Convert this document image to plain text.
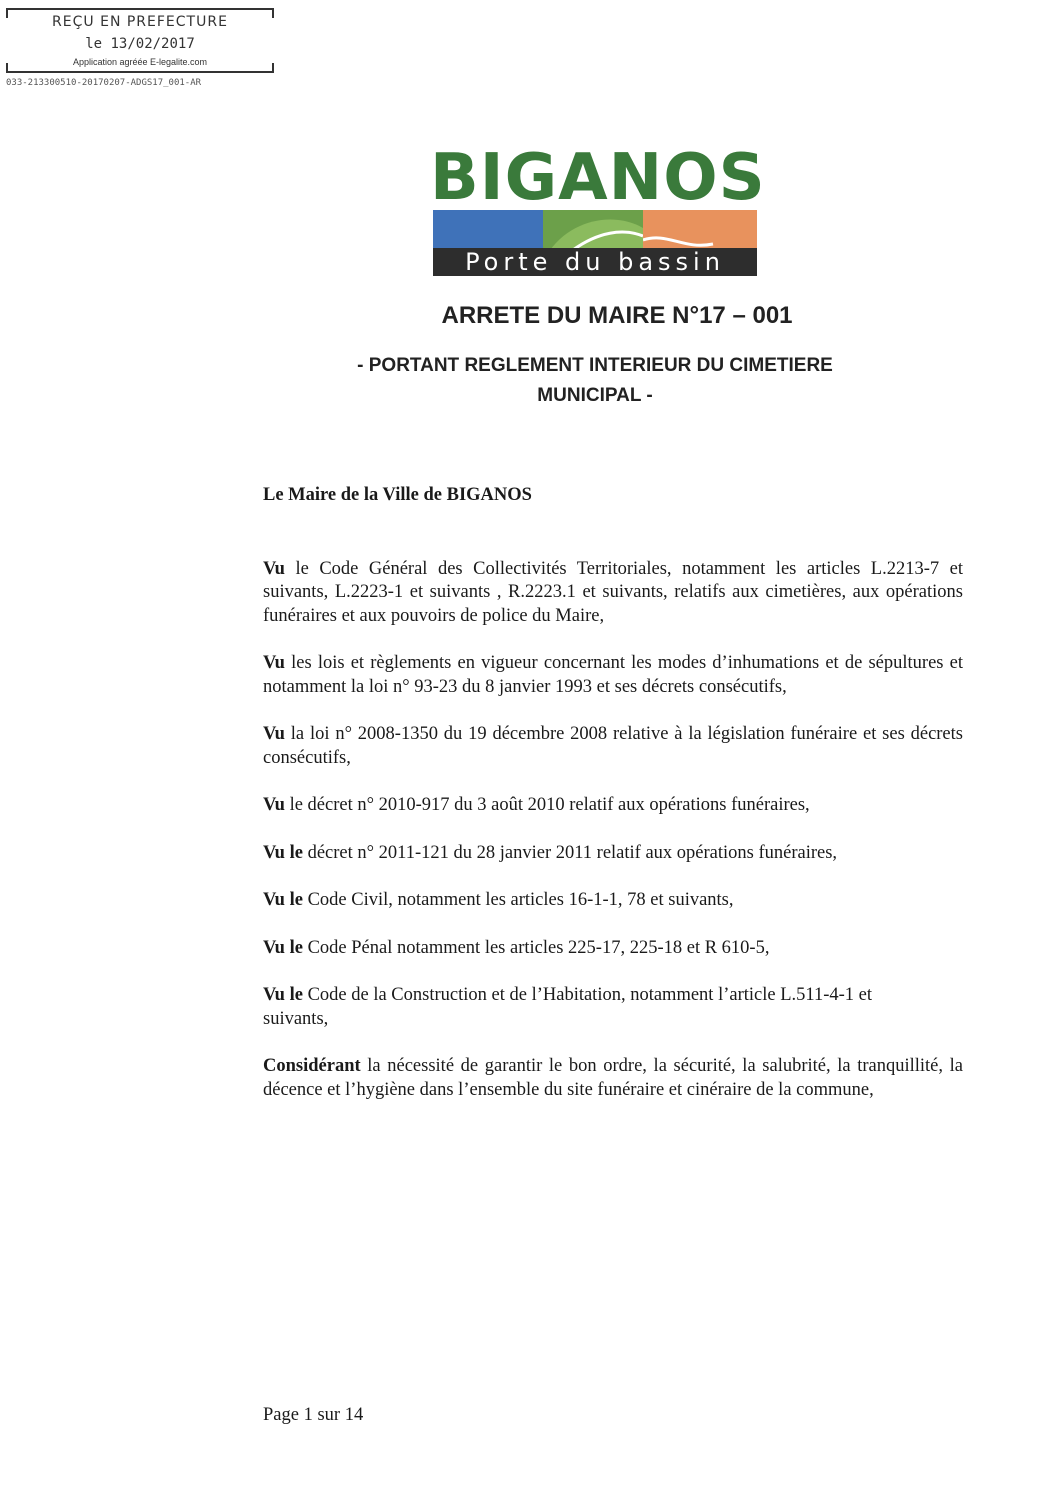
REÇU EN PREFECTURE
le 13/02/2017
Application agréée E-legalite.com
033-213300510-20170207-ADGS17_001-AR
BIGANOS
Porte du bassin
ARRETE DU MAIRE N°17 – 001
- PORTANT REGLEMENT INTERIEUR DU CIMETIERE
MUNICIPAL -

Le Maire de la Ville de BIGANOS

Vu le Code Général des Collectivités Territoriales, notamment les articles L.2213-7 et suivants, L.2223-1 et suivants , R.2223.1 et suivants, relatifs aux cimetières, aux opérations funéraires et aux pouvoirs de police du Maire,

Vu les lois et règlements en vigueur concernant les modes d’inhumations et de sépultures et notamment la loi n° 93-23 du 8 janvier 1993 et ses décrets consécutifs,

Vu la loi n° 2008-1350 du 19 décembre 2008 relative à la législation funéraire et ses décrets consécutifs,

Vu le décret n° 2010-917 du 3 août 2010 relatif aux opérations funéraires,

Vu le décret n° 2011-121 du 28 janvier 2011 relatif aux opérations funéraires,

Vu le Code Civil, notamment les articles 16-1-1, 78 et suivants,

Vu le Code Pénal notamment les articles 225-17, 225-18 et R 610-5,

Vu le Code de la Construction et de l’Habitation, notamment l’article L.511-4-1 et suivants,

Considérant la nécessité de garantir le bon ordre, la sécurité, la salubrité, la tranquillité, la décence et l’hygiène dans l’ensemble du site funéraire et cinéraire de la commune,

Page 1 sur 14
